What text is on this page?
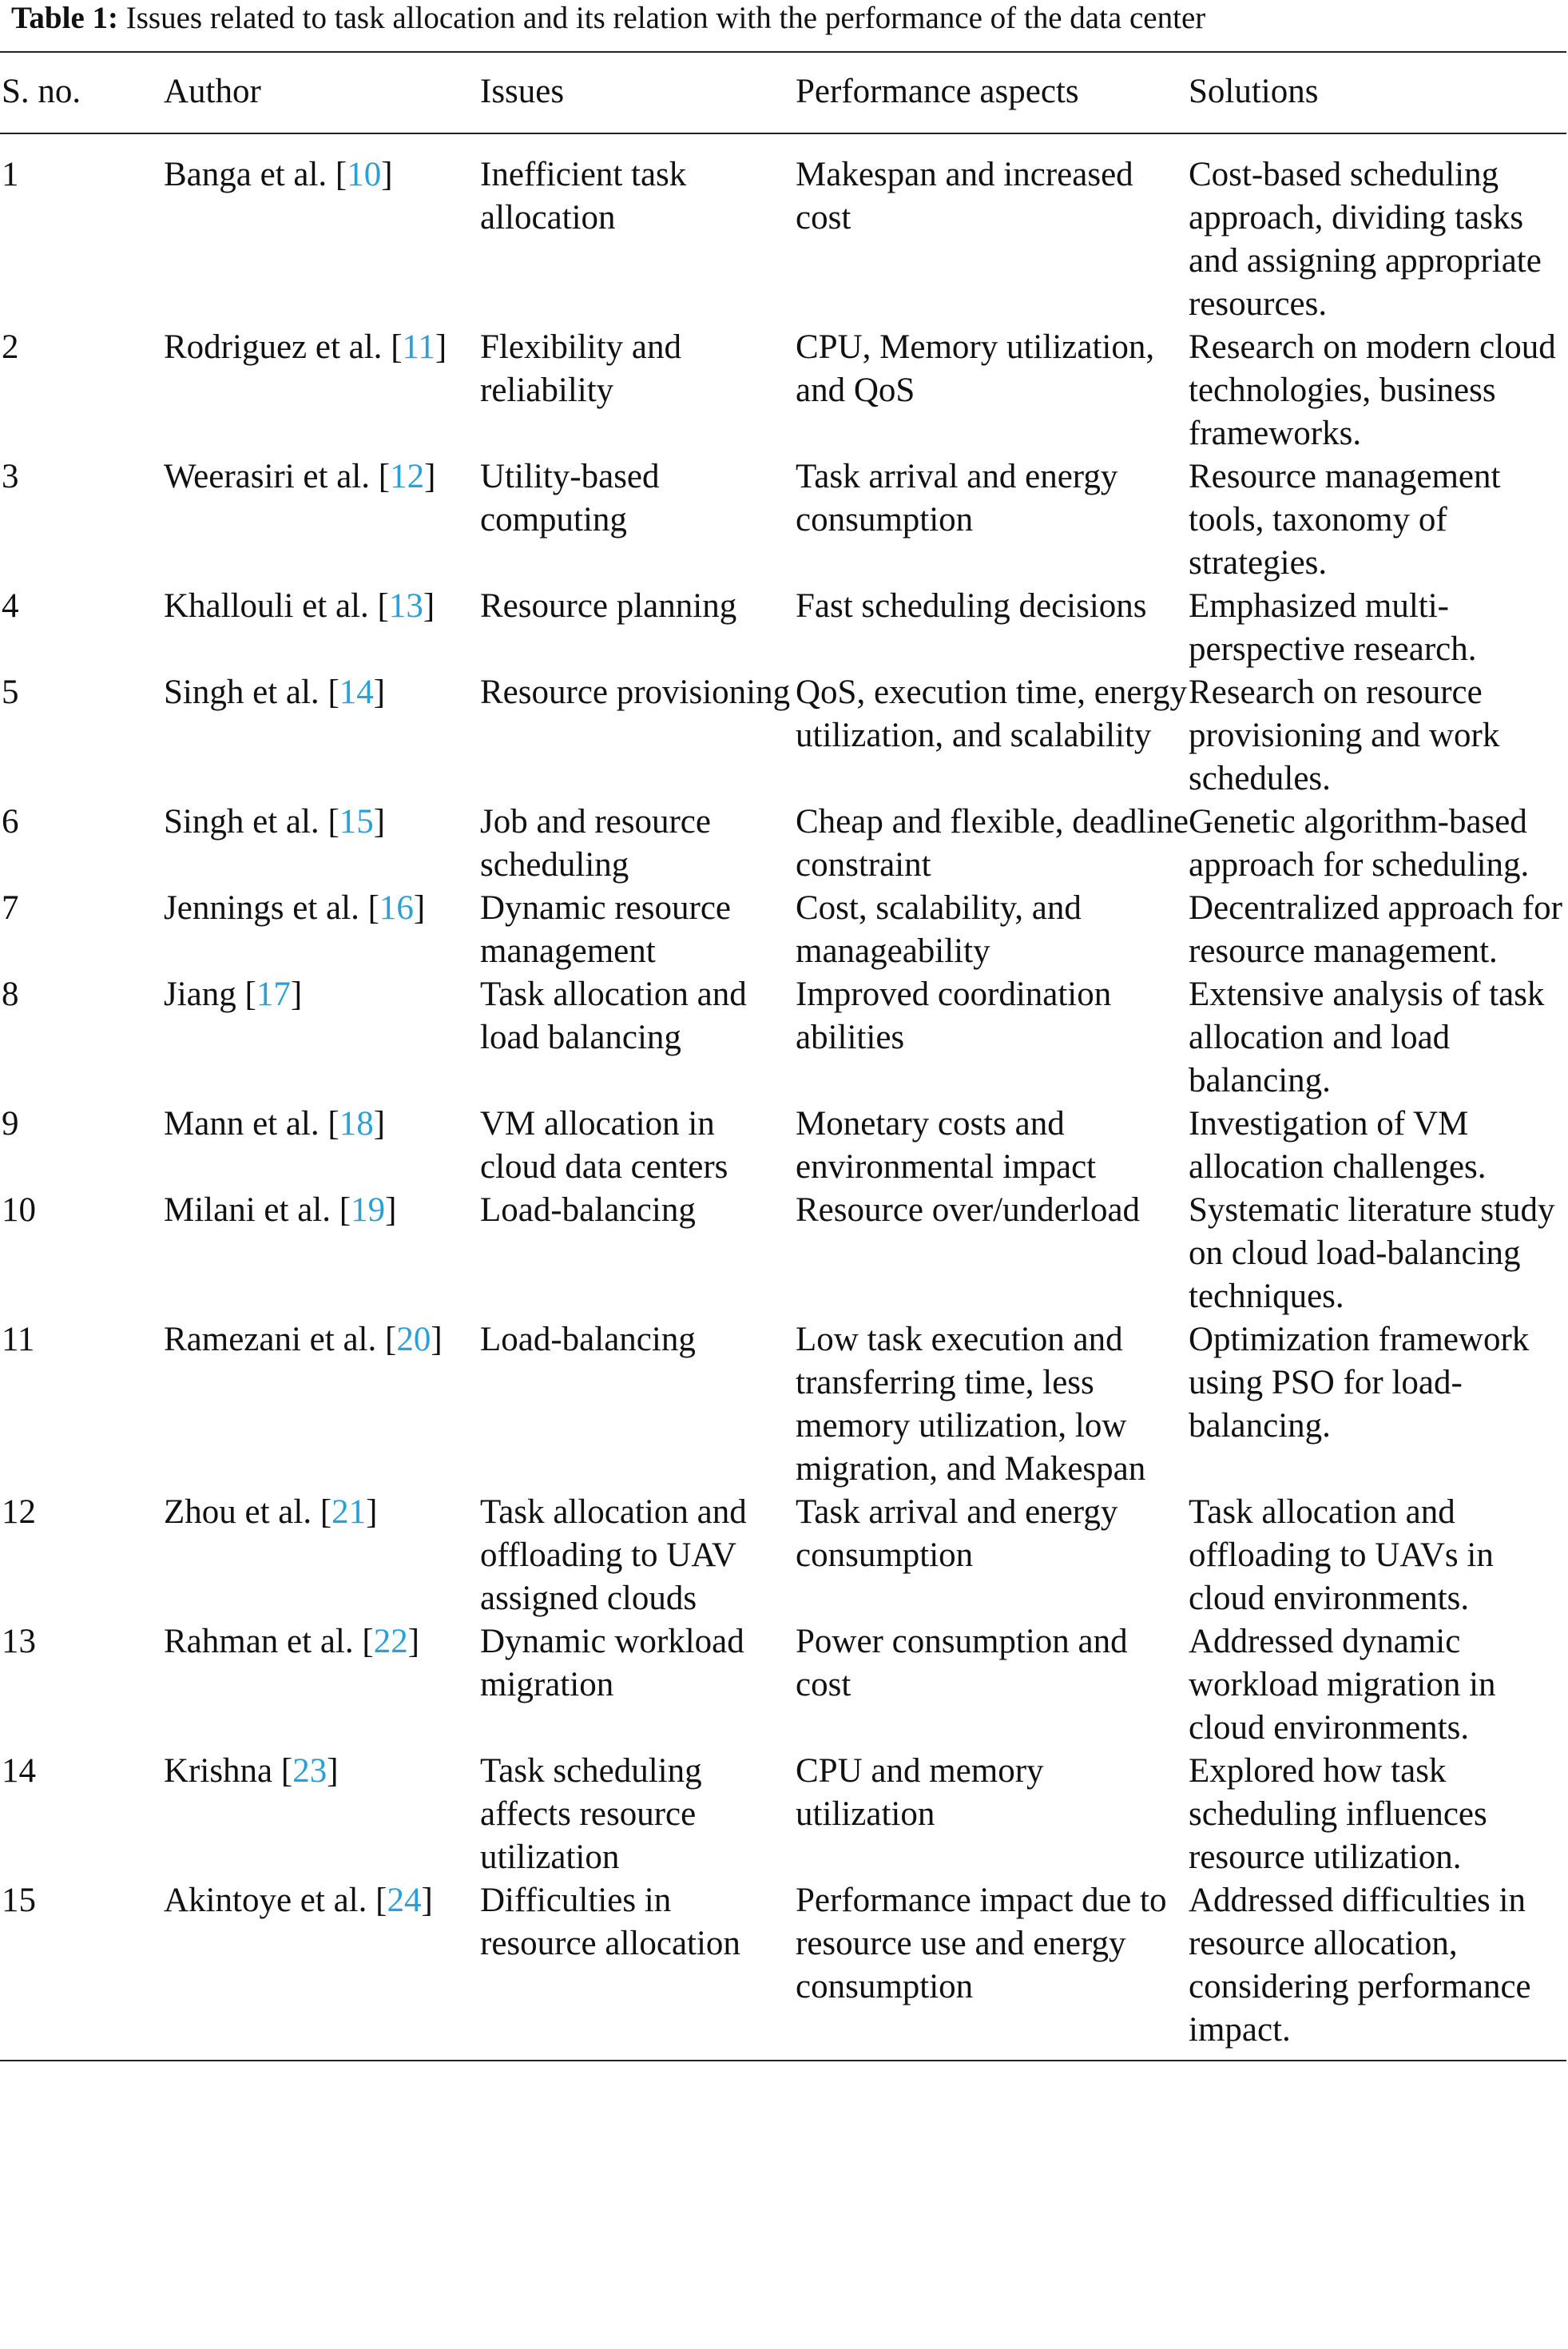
Table 1: Issues related to task allocation and its relation with the performance of the data center
S. no.	Author	Issues	Performance aspects	Solutions
1	Banga et al. [10]	Inefficient task allocation	Makespan and increased cost	Cost-based scheduling approach, dividing tasks and assigning appropriate resources.
2	Rodriguez et al. [11]	Flexibility and reliability	CPU, Memory utilization, and QoS	Research on modern cloud technologies, business frameworks.
3	Weerasiri et al. [12]	Utility-based computing	Task arrival and energy consumption	Resource management tools, taxonomy of strategies.
4	Khallouli et al. [13]	Resource planning	Fast scheduling decisions	Emphasized multi-perspective research.
5	Singh et al. [14]	Resource provisioning	QoS, execution time, energy utilization, and scalability	Research on resource provisioning and work schedules.
6	Singh et al. [15]	Job and resource scheduling	Cheap and flexible, deadline constraint	Genetic algorithm-based approach for scheduling.
7	Jennings et al. [16]	Dynamic resource management	Cost, scalability, and manageability	Decentralized approach for resource management.
8	Jiang [17]	Task allocation and load balancing	Improved coordination abilities	Extensive analysis of task allocation and load balancing.
9	Mann et al. [18]	VM allocation in cloud data centers	Monetary costs and environmental impact	Investigation of VM allocation challenges.
10	Milani et al. [19]	Load-balancing	Resource over/underload	Systematic literature study on cloud load-balancing techniques.
11	Ramezani et al. [20]	Load-balancing	Low task execution and transferring time, less memory utilization, low migration, and Makespan	Optimization framework using PSO for load-balancing.
12	Zhou et al. [21]	Task allocation and offloading to UAV assigned clouds	Task arrival and energy consumption	Task allocation and offloading to UAVs in cloud environments.
13	Rahman et al. [22]	Dynamic workload migration	Power consumption and cost	Addressed dynamic workload migration in cloud environments.
14	Krishna [23]	Task scheduling affects resource utilization	CPU and memory utilization	Explored how task scheduling influences resource utilization.
15	Akintoye et al. [24]	Difficulties in resource allocation	Performance impact due to resource use and energy consumption	Addressed difficulties in resource allocation, considering performance impact.
